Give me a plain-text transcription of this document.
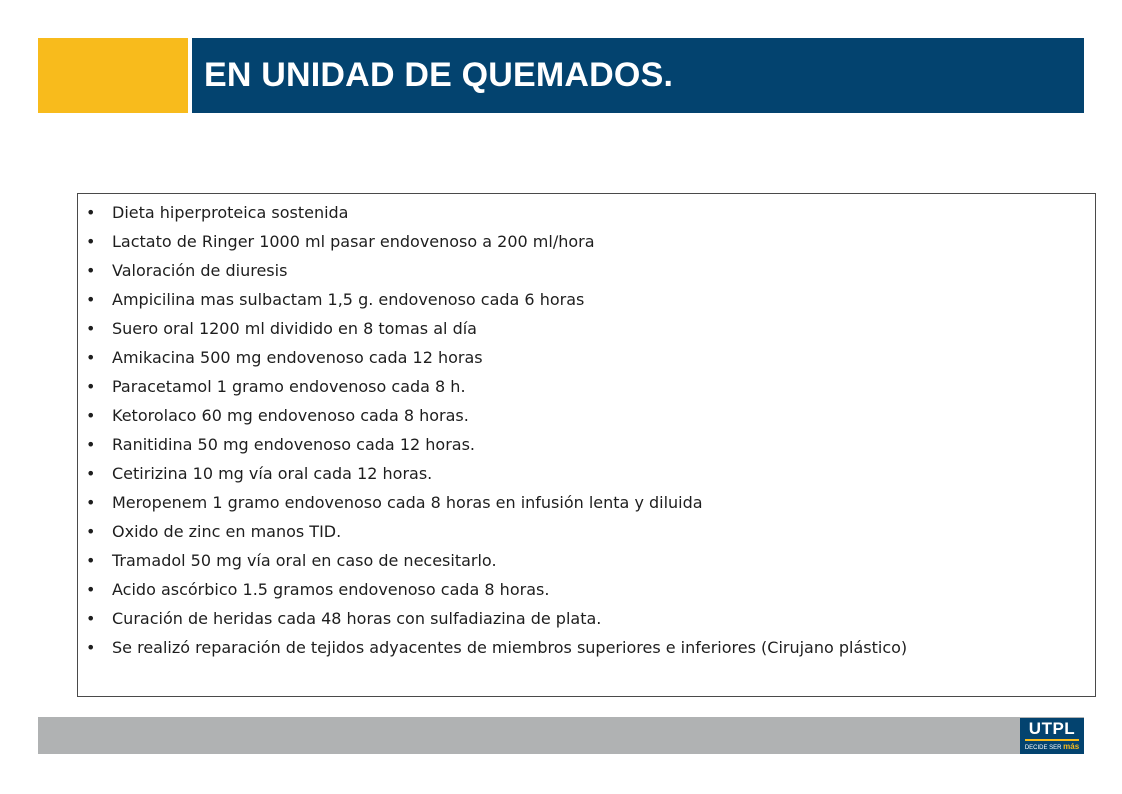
EN UNIDAD DE QUEMADOS.
•	Dieta hiperproteica sostenida
•	Lactato de Ringer 1000 ml pasar endovenoso a 200 ml/hora
•	Valoración de diuresis
•	Ampicilina mas sulbactam 1,5 g. endovenoso cada 6 horas
•	Suero oral 1200 ml dividido en 8 tomas al día
•	Amikacina 500 mg endovenoso cada 12 horas
•	Paracetamol 1 gramo endovenoso cada 8 h.
•	Ketorolaco 60 mg endovenoso cada 8 horas.
•	Ranitidina 50 mg endovenoso cada 12 horas.
•	Cetirizina 10 mg vía oral cada 12 horas.
•	Meropenem 1 gramo endovenoso cada 8 horas en infusión lenta y diluida
•	Oxido de zinc en manos TID.
•	Tramadol 50 mg vía oral en caso de necesitarlo.
•	Acido ascórbico 1.5 gramos endovenoso cada 8 horas.
•	Curación de heridas cada 48 horas con sulfadiazina de plata.
•	Se realizó reparación de tejidos adyacentes de miembros superiores e inferiores (Cirujano plástico)
UTPL
DECIDE SER más
